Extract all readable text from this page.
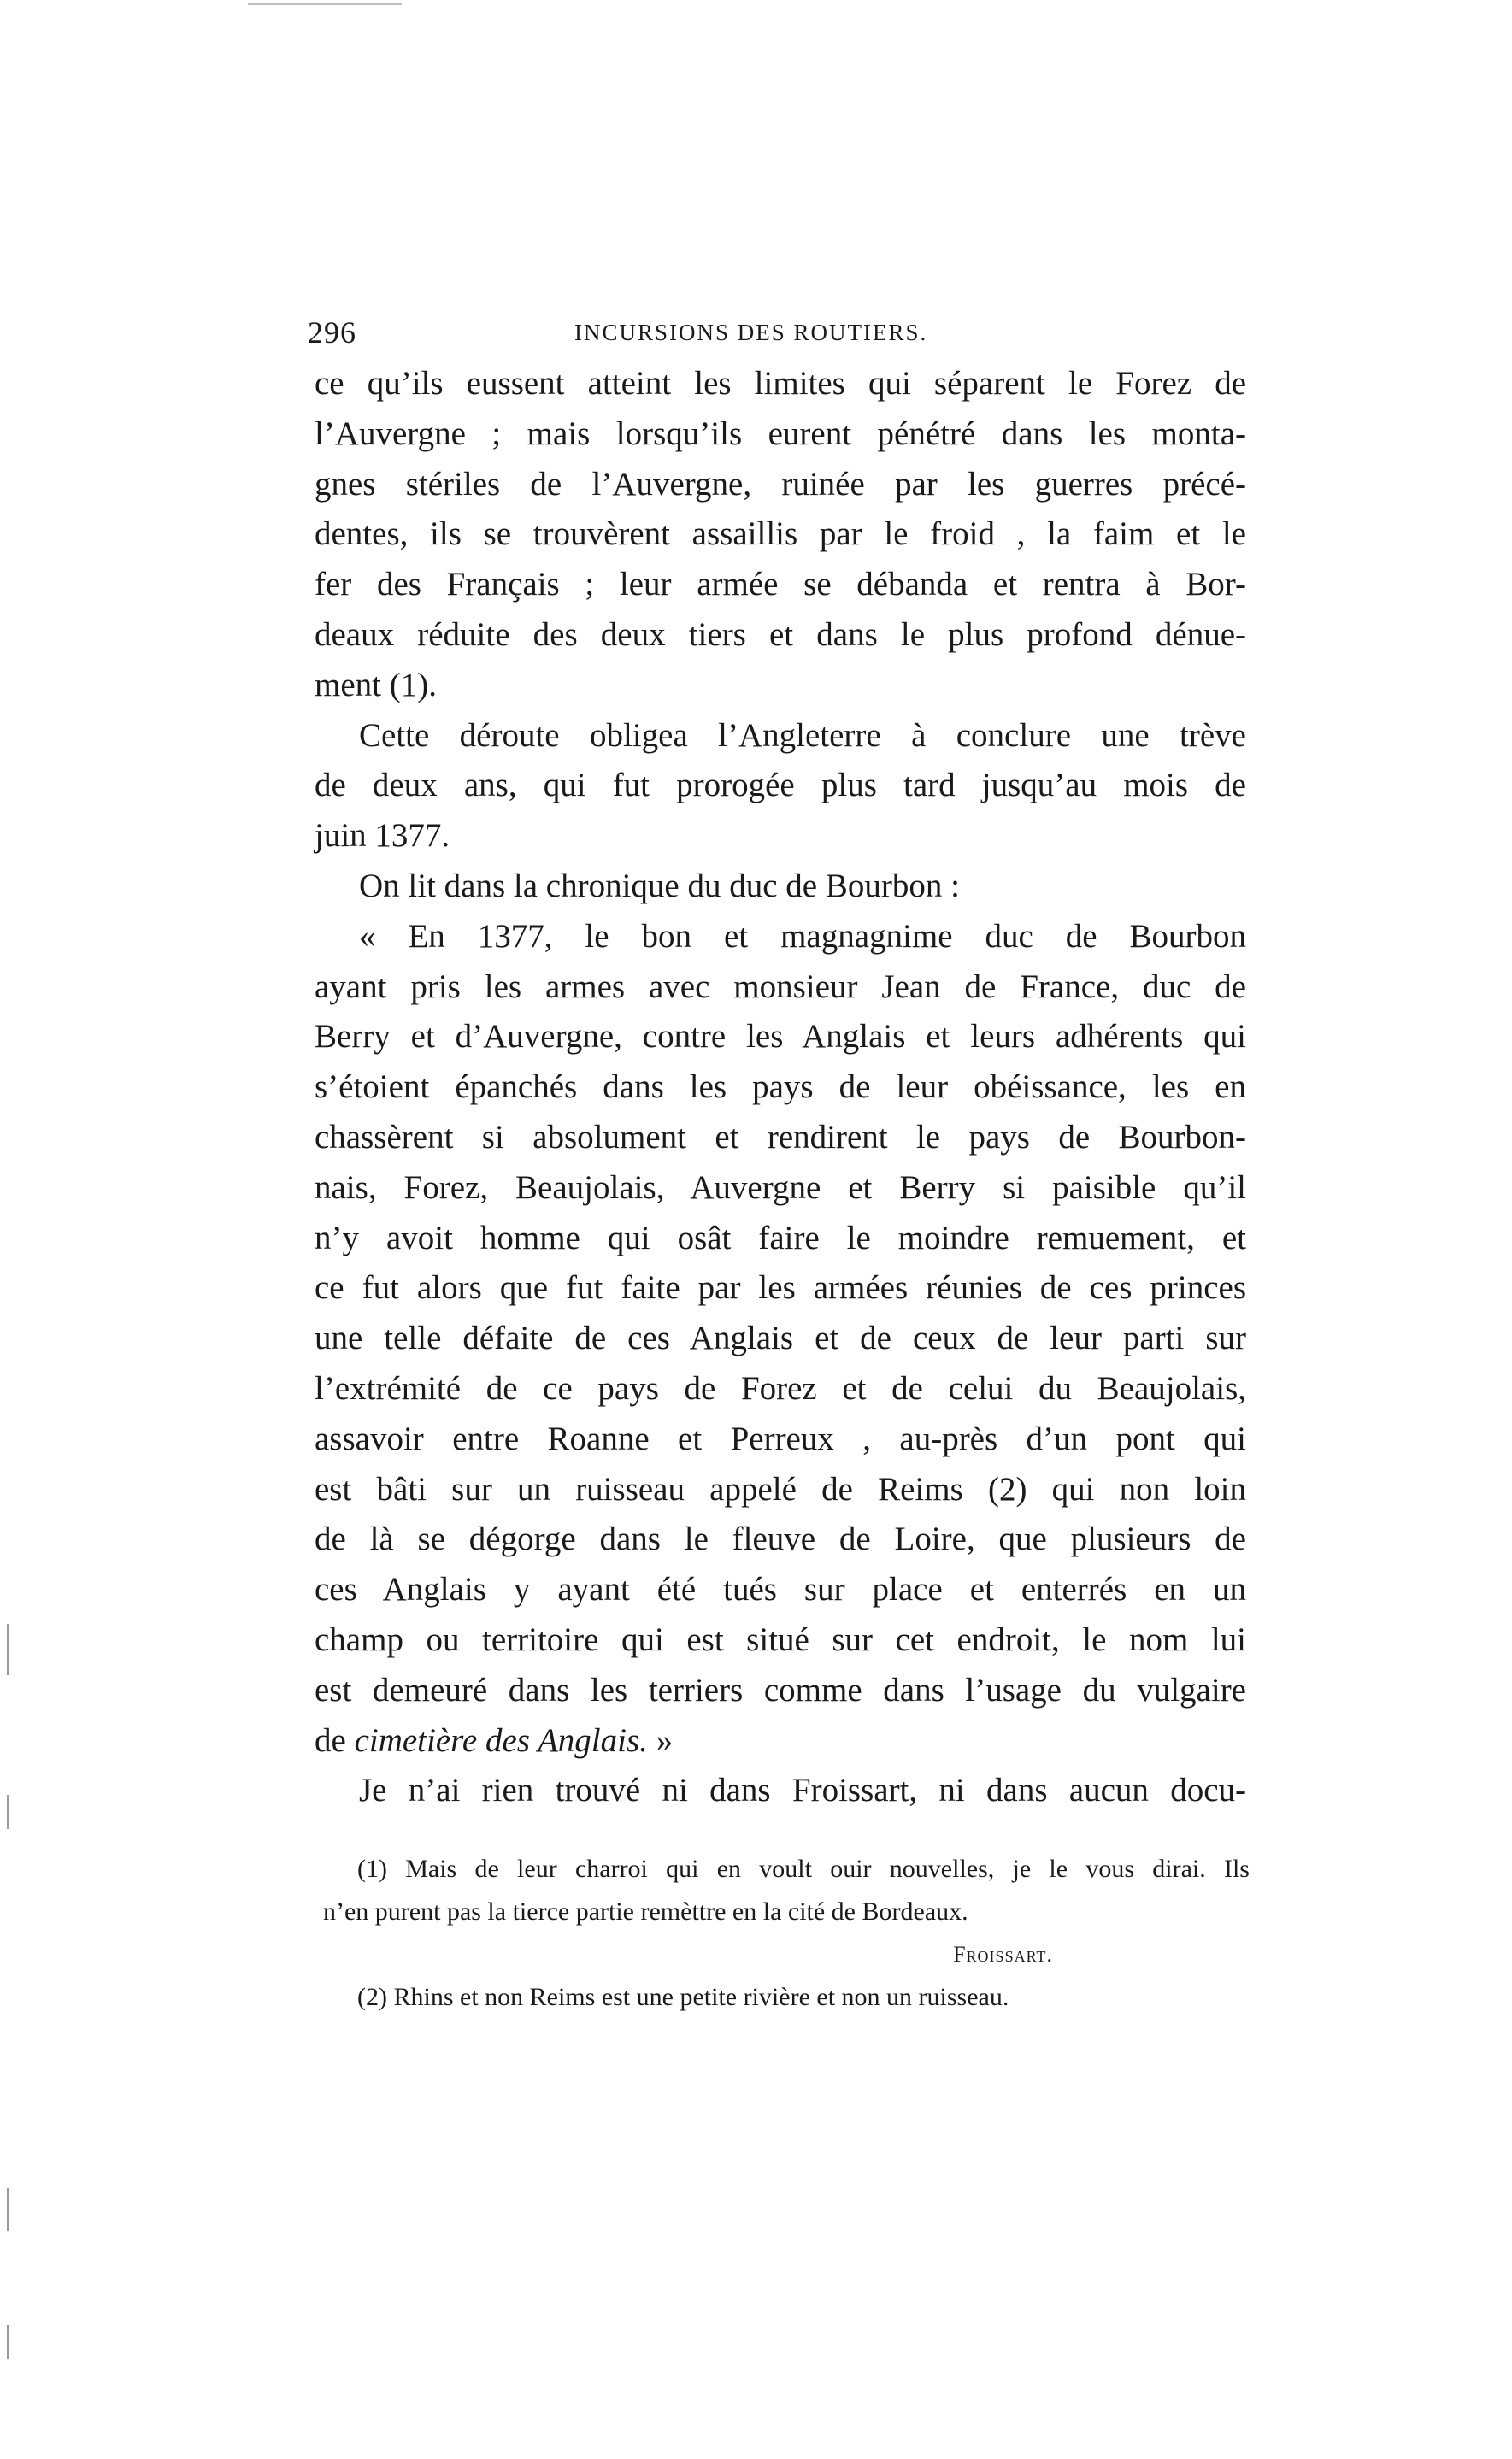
296	INCURSIONS DES ROUTIERS.
ce qu’ils eussent atteint les limites qui séparent le Forez de
l’Auvergne ; mais lorsqu’ils eurent pénétré dans les monta-
gnes stériles de l’Auvergne, ruinée par les guerres précé-
dentes, ils se trouvèrent assaillis par le froid , la faim et le
fer des Français ; leur armée se débanda et rentra à Bor-
deaux réduite des deux tiers et dans le plus profond dénue-
ment (1).
Cette déroute obligea l’Angleterre à conclure une trève
de deux ans, qui fut prorogée plus tard jusqu’au mois de
juin 1377.
On lit dans la chronique du duc de Bourbon :
« En 1377, le bon et magnagnime duc de Bourbon
ayant pris les armes avec monsieur Jean de France, duc de
Berry et d’Auvergne, contre les Anglais et leurs adhérents qui
s’étoient épanchés dans les pays de leur obéissance, les en
chassèrent si absolument et rendirent le pays de Bourbon-
nais, Forez, Beaujolais, Auvergne et Berry si paisible qu’il
n’y avoit homme qui osât faire le moindre remuement, et
ce fut alors que fut faite par les armées réunies de ces princes
une telle défaite de ces Anglais et de ceux de leur parti sur
l’extrémité de ce pays de Forez et de celui du Beaujolais,
assavoir entre Roanne et Perreux , au-près d’un pont qui
est bâti sur un ruisseau appelé de Reims (2) qui non loin
de là se dégorge dans le fleuve de Loire, que plusieurs de
ces Anglais y ayant été tués sur place et enterrés en un
champ ou territoire qui est situé sur cet endroit, le nom lui
est demeuré dans les terriers comme dans l’usage du vulgaire
de cimetière des Anglais. »
Je n’ai rien trouvé ni dans Froissart, ni dans aucun docu-
(1) Mais de leur charroi qui en voult ouir nouvelles, je le vous dirai. Ils
n’en purent pas la tierce partie remèttre en la cité de Bordeaux.
Froissart.
(2) Rhins et non Reims est une petite rivière et non un ruisseau.
